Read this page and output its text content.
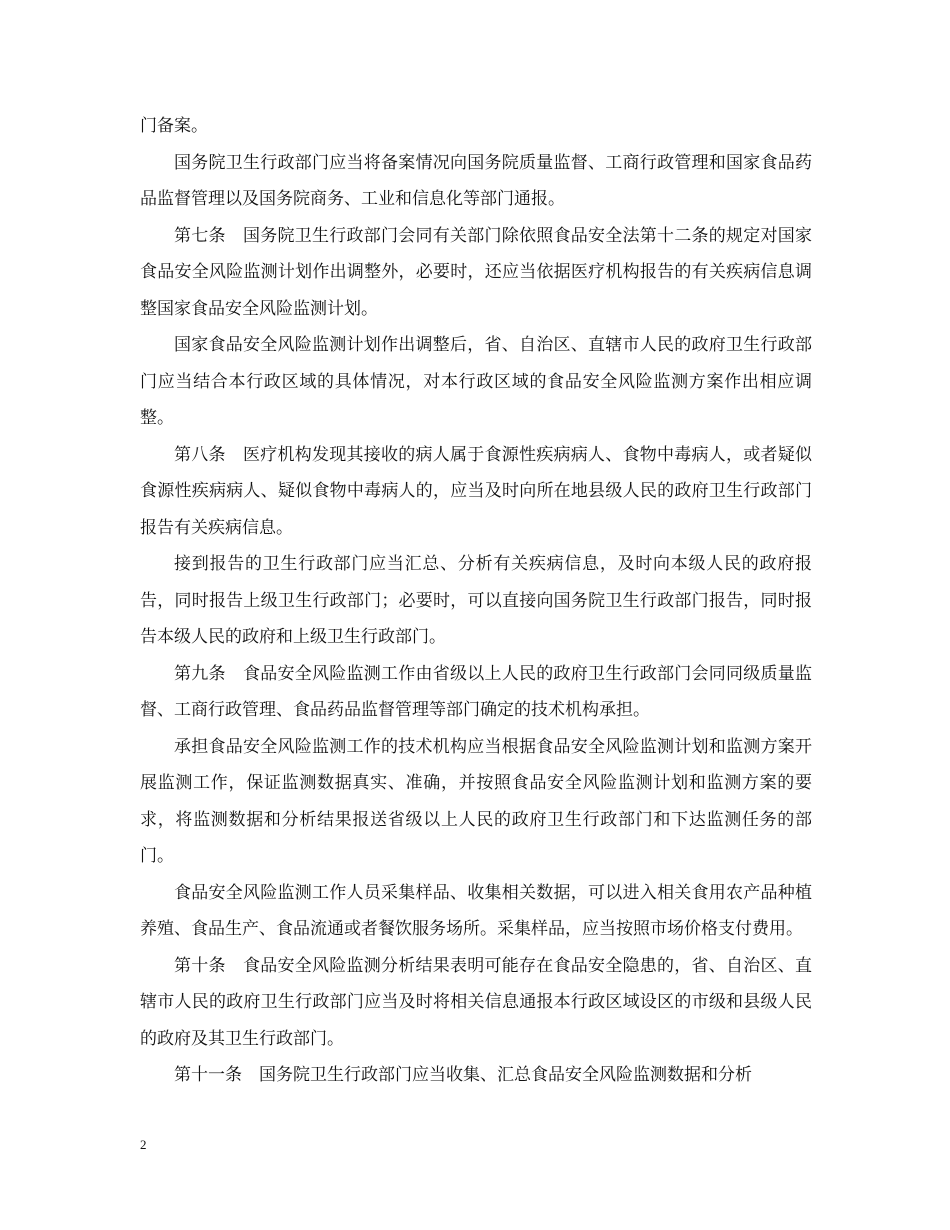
门备案。

国务院卫生行政部门应当将备案情况向国务院质量监督、工商行政管理和国家食品药品监督管理以及国务院商务、工业和信息化等部门通报。

第七条　国务院卫生行政部门会同有关部门除依照食品安全法第十二条的规定对国家食品安全风险监测计划作出调整外，必要时，还应当依据医疗机构报告的有关疾病信息调整国家食品安全风险监测计划。

国家食品安全风险监测计划作出调整后，省、自治区、直辖市人民的政府卫生行政部门应当结合本行政区域的具体情况，对本行政区域的食品安全风险监测方案作出相应调整。

第八条　医疗机构发现其接收的病人属于食源性疾病病人、食物中毒病人，或者疑似食源性疾病病人、疑似食物中毒病人的，应当及时向所在地县级人民的政府卫生行政部门报告有关疾病信息。

接到报告的卫生行政部门应当汇总、分析有关疾病信息，及时向本级人民的政府报告，同时报告上级卫生行政部门；必要时，可以直接向国务院卫生行政部门报告，同时报告本级人民的政府和上级卫生行政部门。

第九条　食品安全风险监测工作由省级以上人民的政府卫生行政部门会同同级质量监督、工商行政管理、食品药品监督管理等部门确定的技术机构承担。

承担食品安全风险监测工作的技术机构应当根据食品安全风险监测计划和监测方案开展监测工作，保证监测数据真实、准确，并按照食品安全风险监测计划和监测方案的要求，将监测数据和分析结果报送省级以上人民的政府卫生行政部门和下达监测任务的部门。

食品安全风险监测工作人员采集样品、收集相关数据，可以进入相关食用农产品种植养殖、食品生产、食品流通或者餐饮服务场所。采集样品，应当按照市场价格支付费用。

第十条　食品安全风险监测分析结果表明可能存在食品安全隐患的，省、自治区、直辖市人民的政府卫生行政部门应当及时将相关信息通报本行政区域设区的市级和县级人民的政府及其卫生行政部门。

第十一条　国务院卫生行政部门应当收集、汇总食品安全风险监测数据和分析

2
